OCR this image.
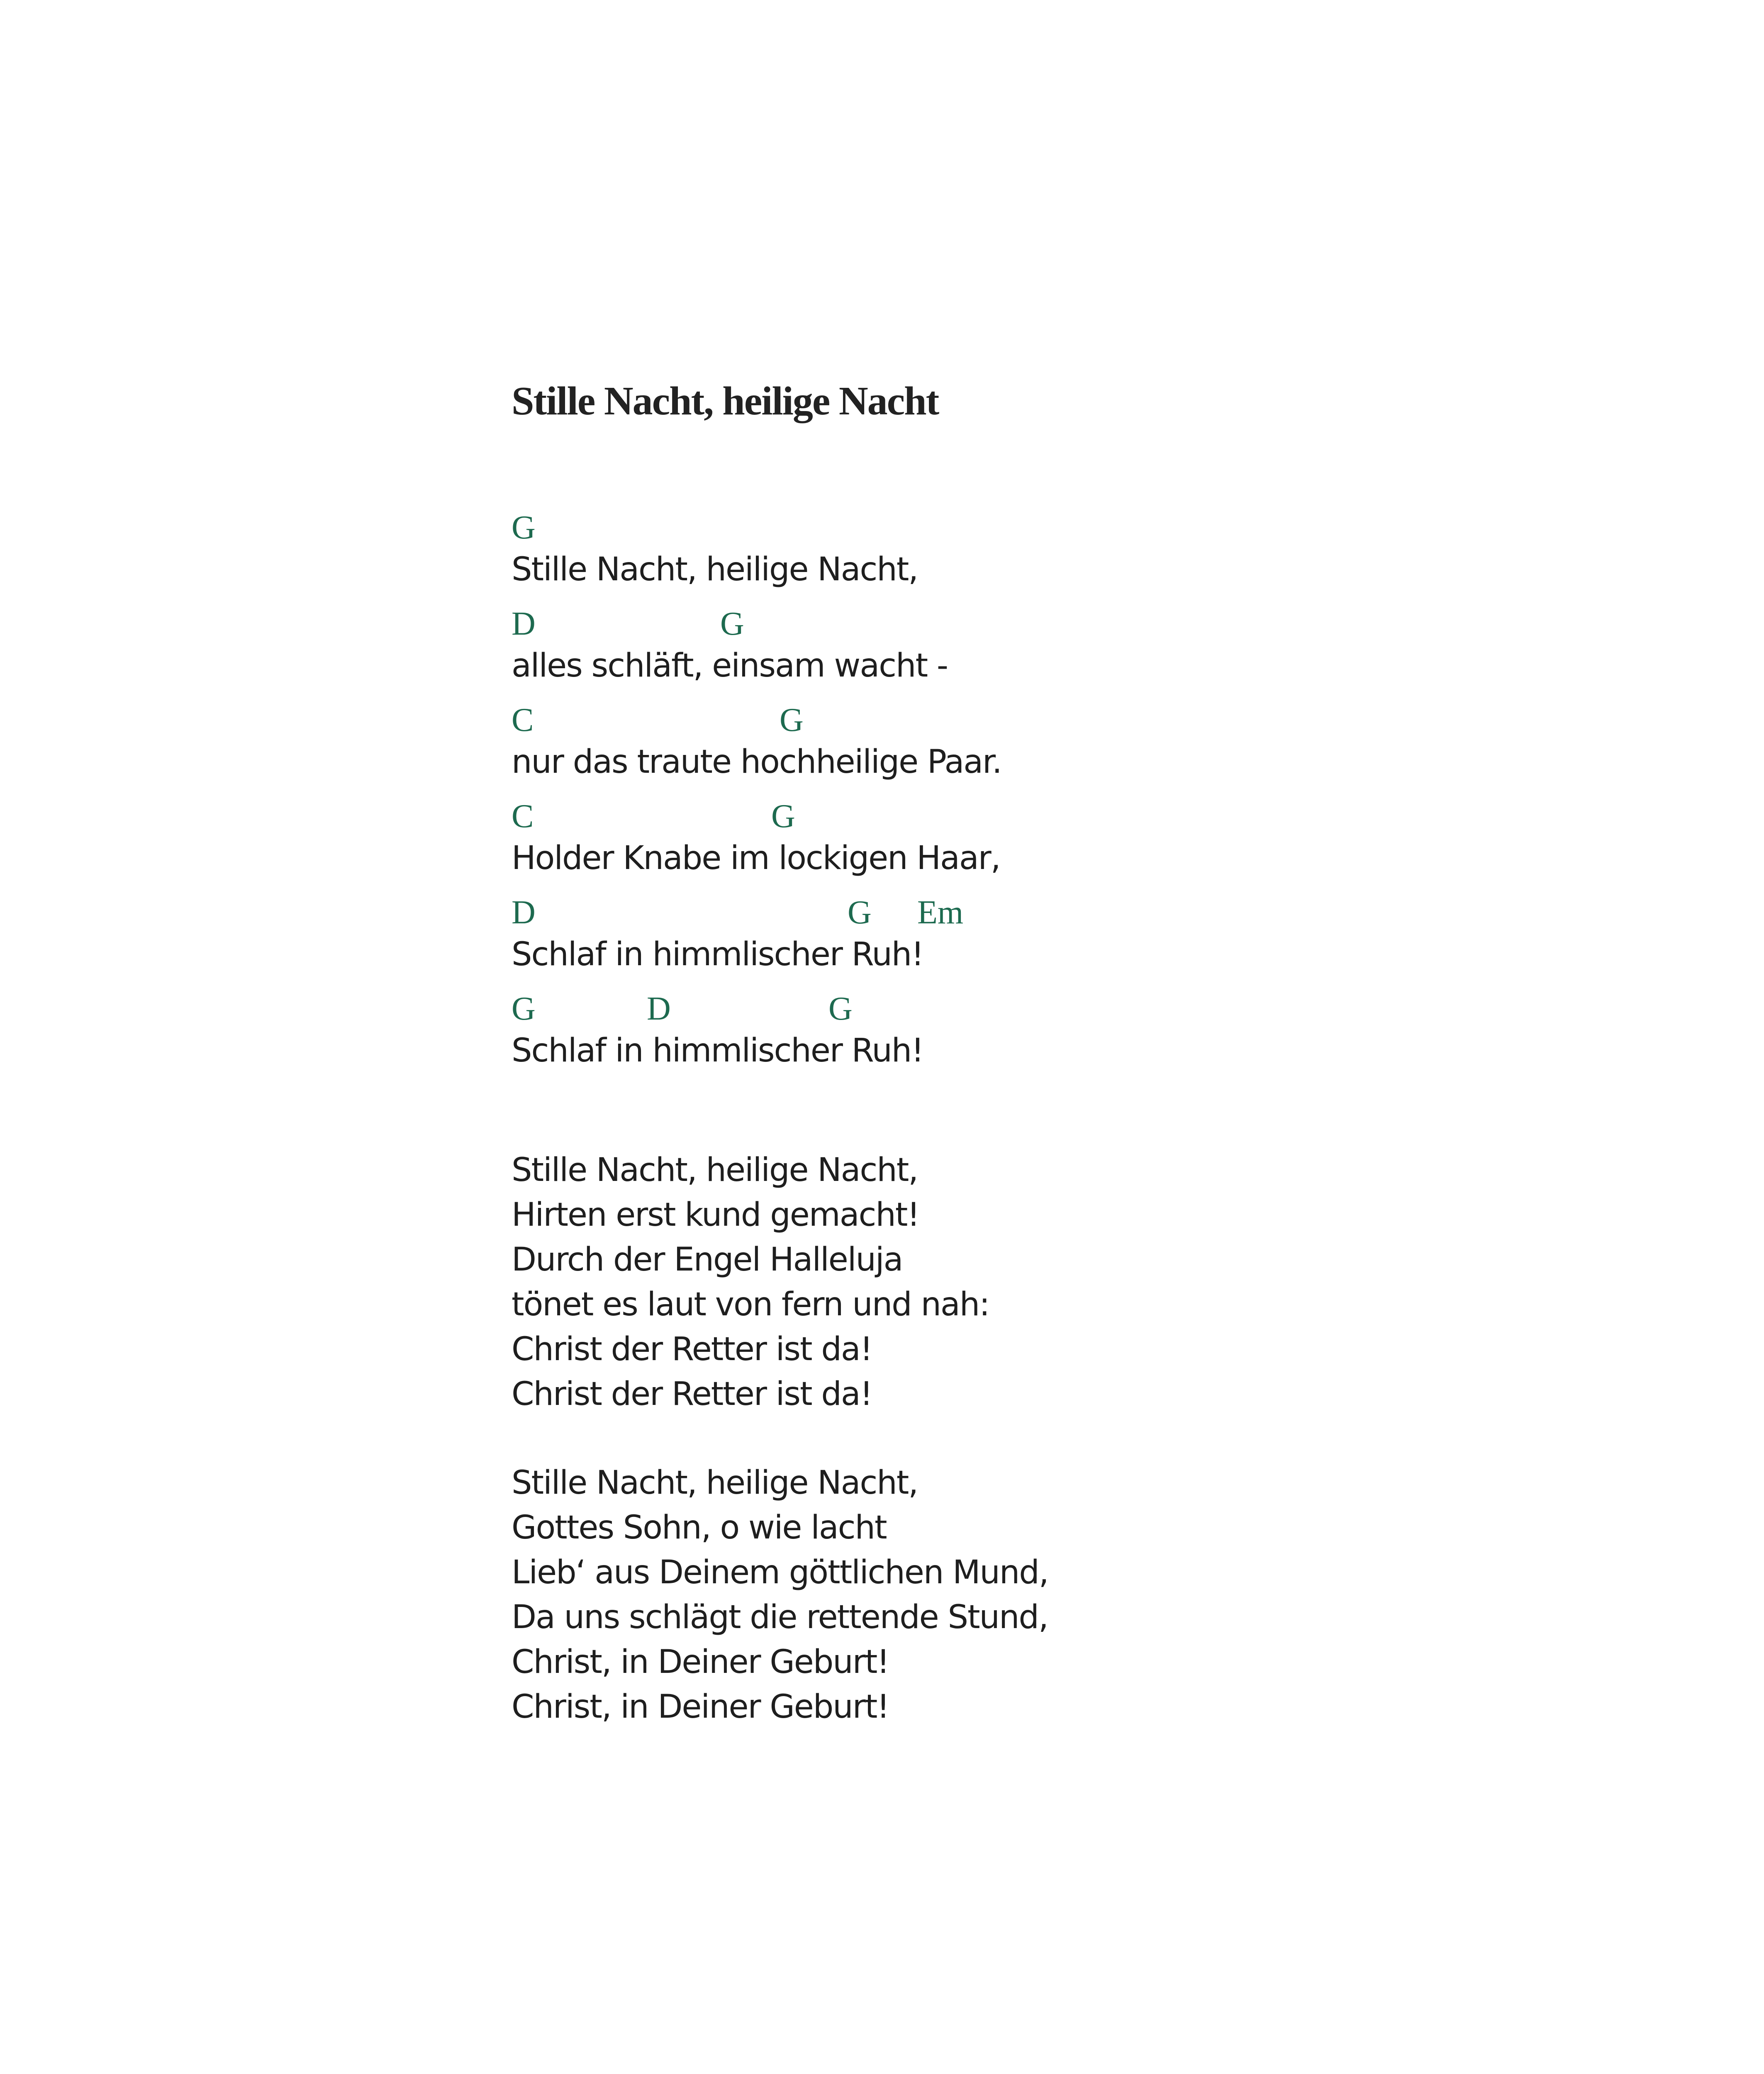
Stille Nacht, heilige Nacht
G
Stille Nacht, heilige Nacht,
D	G
alles schläft, einsam wacht -
C	G
nur das traute hochheilige Paar.
C	G
Holder Knabe im lockigen Haar,
D	G Em
Schlaf in himmlischer Ruh!
G	D	G
Schlaf in himmlischer Ruh!
Stille Nacht, heilige Nacht,
Hirten erst kund gemacht!
Durch der Engel Halleluja
tönet es laut von fern und nah:
Christ der Retter ist da!
Christ der Retter ist da!
Stille Nacht, heilige Nacht,
Gottes Sohn, o wie lacht
Lieb‘ aus Deinem göttlichen Mund,
Da uns schlägt die rettende Stund,
Christ, in Deiner Geburt!
Christ, in Deiner Geburt!
